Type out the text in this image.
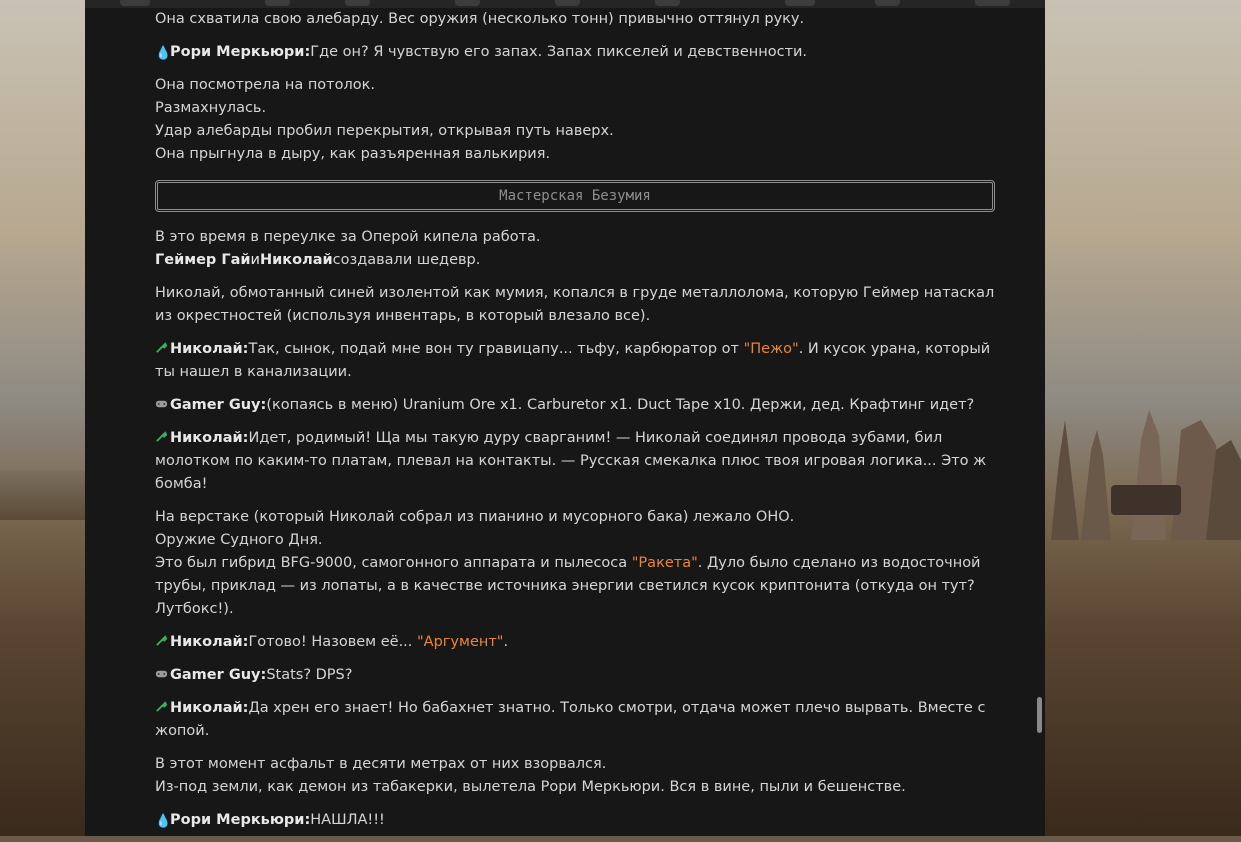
Она схватила свою алебарду. Вес оружия (несколько тонн) привычно оттянул руку.

💧Рори Меркьюри:Где он? Я чувствую его запах. Запах пикселей и девственности.

Она посмотрела на потолок.
Размахнулась.
Удар алебарды пробил перекрытия, открывая путь наверх.
Она прыгнула в дыру, как разъяренная валькирия.

Мастерская Безумия

В это время в переулке за Оперой кипела работа.
Геймер ГайиНиколайсоздавали шедевр.

Николай, обмотанный синей изолентой как мумия, копался в груде металлолома, которую Геймер натаскал из окрестностей (используя инвентарь, в который влезало все).

Николай:Так, сынок, подай мне вон ту гравицапу... тьфу, карбюратор от "Пежо". И кусок урана, который ты нашел в канализации.

Gamer Guy:(копаясь в меню) Uranium Ore x1. Carburetor x1. Duct Tape x10. Держи, дед. Крафтинг идет?

Николай:Идет, родимый! Ща мы такую дуру сварганим! — Николай соединял провода зубами, бил молотком по каким-то платам, плевал на контакты. — Русская смекалка плюс твоя игровая логика... Это ж бомба!

На верстаке (который Николай собрал из пианино и мусорного бака) лежало ОНО.
Оружие Судного Дня.
Это был гибрид BFG-9000, самогонного аппарата и пылесоса "Ракета". Дуло было сделано из водосточной трубы, приклад — из лопаты, а в качестве источника энергии светился кусок криптонита (откуда он тут? Лутбокс!).

Николай:Готово! Назовем её... "Аргумент".

Gamer Guy:Stats? DPS?

Николай:Да хрен его знает! Но бабахнет знатно. Только смотри, отдача может плечо вырвать. Вместе с жопой.

В этот момент асфальт в десяти метрах от них взорвался.
Из-под земли, как демон из табакерки, вылетела Рори Меркьюри. Вся в вине, пыли и бешенстве.

💧Рори Меркьюри:НАШЛА!!!
